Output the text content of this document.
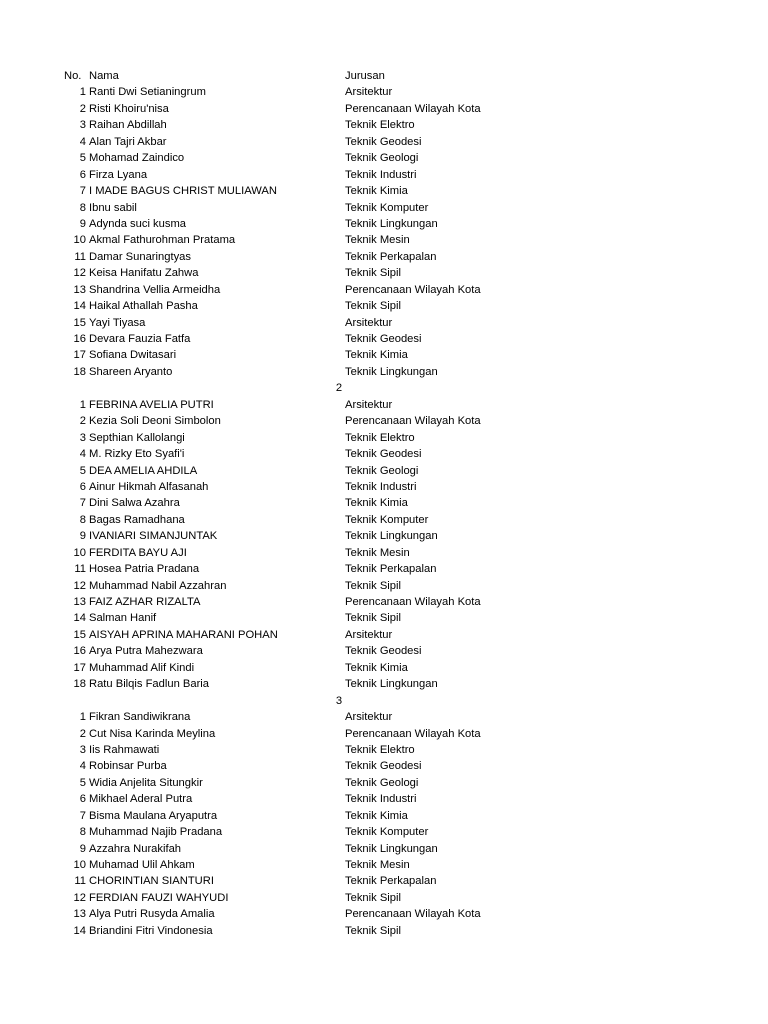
No. Nama	Jurusan
1 Ranti Dwi Setianingrum	Arsitektur
2 Risti Khoiru'nisa	Perencanaan Wilayah Kota
3 Raihan Abdillah	Teknik Elektro
4 Alan Tajri Akbar	Teknik Geodesi
5 Mohamad Zaindico	Teknik Geologi
6 Firza Lyana	Teknik Industri
7 I MADE BAGUS CHRIST MULIAWAN	Teknik Kimia
8 Ibnu sabil	Teknik Komputer
9 Adynda suci kusma	Teknik Lingkungan
10 Akmal Fathurohman Pratama	Teknik Mesin
11 Damar Sunaringtyas	Teknik Perkapalan
12 Keisa Hanifatu Zahwa	Teknik Sipil
13 Shandrina Vellia Armeidha	Perencanaan Wilayah Kota
14 Haikal Athallah Pasha	Teknik Sipil
15 Yayi Tiyasa	Arsitektur
16 Devara Fauzia Fatfa	Teknik Geodesi
17 Sofiana Dwitasari	Teknik Kimia
18 Shareen Aryanto	Teknik Lingkungan
2
1 FEBRINA AVELIA PUTRI	Arsitektur
2 Kezia Soli Deoni Simbolon	Perencanaan Wilayah Kota
3 Septhian Kallolangi	Teknik Elektro
4 M. Rizky Eto Syafi'i	Teknik Geodesi
5 DEA AMELIA AHDILA	Teknik Geologi
6 Ainur Hikmah Alfasanah	Teknik Industri
7 Dini Salwa Azahra	Teknik Kimia
8 Bagas Ramadhana	Teknik Komputer
9 IVANIARI SIMANJUNTAK	Teknik Lingkungan
10 FERDITA BAYU AJI	Teknik Mesin
11 Hosea Patria Pradana	Teknik Perkapalan
12 Muhammad Nabil Azzahran	Teknik Sipil
13 FAIZ AZHAR RIZALTA	Perencanaan Wilayah Kota
14 Salman Hanif	Teknik Sipil
15 AISYAH APRINA MAHARANI POHAN	Arsitektur
16 Arya Putra Mahezwara	Teknik Geodesi
17 Muhammad Alif Kindi	Teknik Kimia
18 Ratu Bilqis Fadlun Baria	Teknik Lingkungan
3
1 Fikran Sandiwikrana	Arsitektur
2 Cut Nisa Karinda Meylina	Perencanaan Wilayah Kota
3 Iis Rahmawati	Teknik Elektro
4 Robinsar Purba	Teknik Geodesi
5 Widia Anjelita Situngkir	Teknik Geologi
6 Mikhael Aderal Putra	Teknik Industri
7 Bisma Maulana Aryaputra	Teknik Kimia
8 Muhammad Najib Pradana	Teknik Komputer
9 Azzahra Nurakifah	Teknik Lingkungan
10 Muhamad Ulil Ahkam	Teknik Mesin
11 CHORINTIAN SIANTURI	Teknik Perkapalan
12 FERDIAN FAUZI WAHYUDI	Teknik Sipil
13 Alya Putri Rusyda Amalia	Perencanaan Wilayah Kota
14 Briandini Fitri Vindonesia	Teknik Sipil
